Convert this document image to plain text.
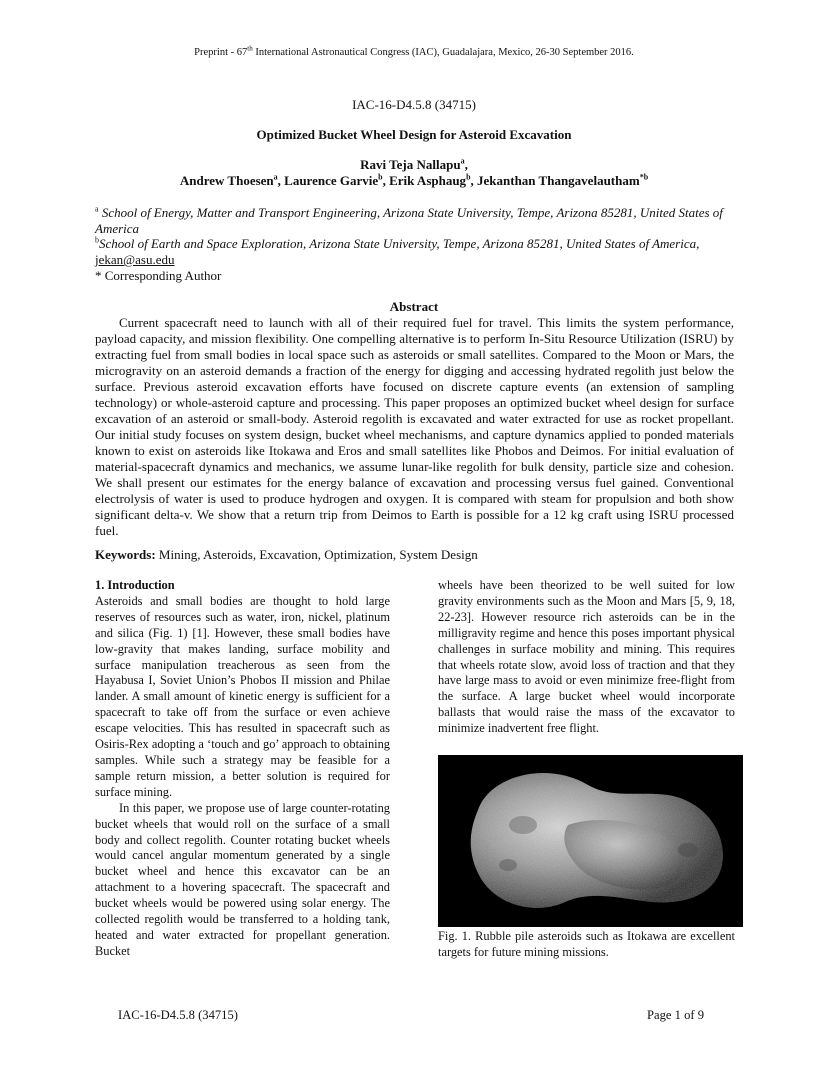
Preprint - 67th International Astronautical Congress (IAC), Guadalajara, Mexico, 26-30 September 2016.
IAC-16-D4.5.8 (34715)
Optimized Bucket Wheel Design for Asteroid Excavation
Ravi Teja Nallapu$^a$,
Andrew Thoesen$^a$, Laurence Garvie$^b$, Erik Asphaug$^b$, Jekanthan Thangavelautham$^{*b}$
$^a$ School of Energy, Matter and Transport Engineering, Arizona State University, Tempe, Arizona 85281, United States of America
$^b$School of Earth and Space Exploration, Arizona State University, Tempe, Arizona 85281, United States of America,
jekan@asu.edu
* Corresponding Author
Abstract

Current spacecraft need to launch with all of their required fuel for travel. This limits the system performance, payload capacity, and mission flexibility. One compelling alternative is to perform In-Situ Resource Utilization (ISRU) by extracting fuel from small bodies in local space such as asteroids or small satellites. Compared to the Moon or Mars, the microgravity on an asteroid demands a fraction of the energy for digging and accessing hydrated regolith just below the surface. Previous asteroid excavation efforts have focused on discrete capture events (an extension of sampling technology) or whole-asteroid capture and processing. This paper proposes an optimized bucket wheel design for surface excavation of an asteroid or small-body. Asteroid regolith is excavated and water extracted for use as rocket propellant. Our initial study focuses on system design, bucket wheel mechanisms, and capture dynamics applied to ponded materials known to exist on asteroids like Itokawa and Eros and small satellites like Phobos and Deimos. For initial evaluation of material-spacecraft dynamics and mechanics, we assume lunar-like regolith for bulk density, particle size and cohesion. We shall present our estimates for the energy balance of excavation and processing versus fuel gained. Conventional electrolysis of water is used to produce hydrogen and oxygen. It is compared with steam for propulsion and both show significant delta-v. We show that a return trip from Deimos to Earth is possible for a 12 kg craft using ISRU processed fuel.

Keywords: Mining, Asteroids, Excavation, Optimization, System Design
1. Introduction

Asteroids and small bodies are thought to hold large reserves of resources such as water, iron, nickel, platinum and silica (Fig. 1) [1]. However, these small bodies have low-gravity that makes landing, surface mobility and surface manipulation treacherous as seen from the Hayabusa I, Soviet Union’s Phobos II mission and Philae lander. A small amount of kinetic energy is sufficient for a spacecraft to take off from the surface or even achieve escape velocities. This has resulted in spacecraft such as Osiris-Rex adopting a ‘touch and go’ approach to obtaining samples. While such a strategy may be feasible for a sample return mission, a better solution is required for surface mining.

In this paper, we propose use of large counter-rotating bucket wheels that would roll on the surface of a small body and collect regolith. Counter rotating bucket wheels would cancel angular momentum generated by a single bucket wheel and hence this excavator can be an attachment to a hovering spacecraft. The spacecraft and bucket wheels would be powered using solar energy. The collected regolith would be transferred to a holding tank, heated and water extracted for propellant generation. Bucket

wheels have been theorized to be well suited for low gravity environments such as the Moon and Mars [5, 9, 18, 22-23]. However resource rich asteroids can be in the milligravity regime and hence this poses important physical challenges in surface mobility and mining. This requires that wheels rotate slow, avoid loss of traction and that they have large mass to avoid or even minimize free-flight from the surface. A large bucket wheel would incorporate ballasts that would raise the mass of the excavator to minimize inadvertent free flight.

Fig. 1. Rubble pile asteroids such as Itokawa are excellent targets for future mining missions.
IAC-16-D4.5.8 (34715)	Page 1 of 9
